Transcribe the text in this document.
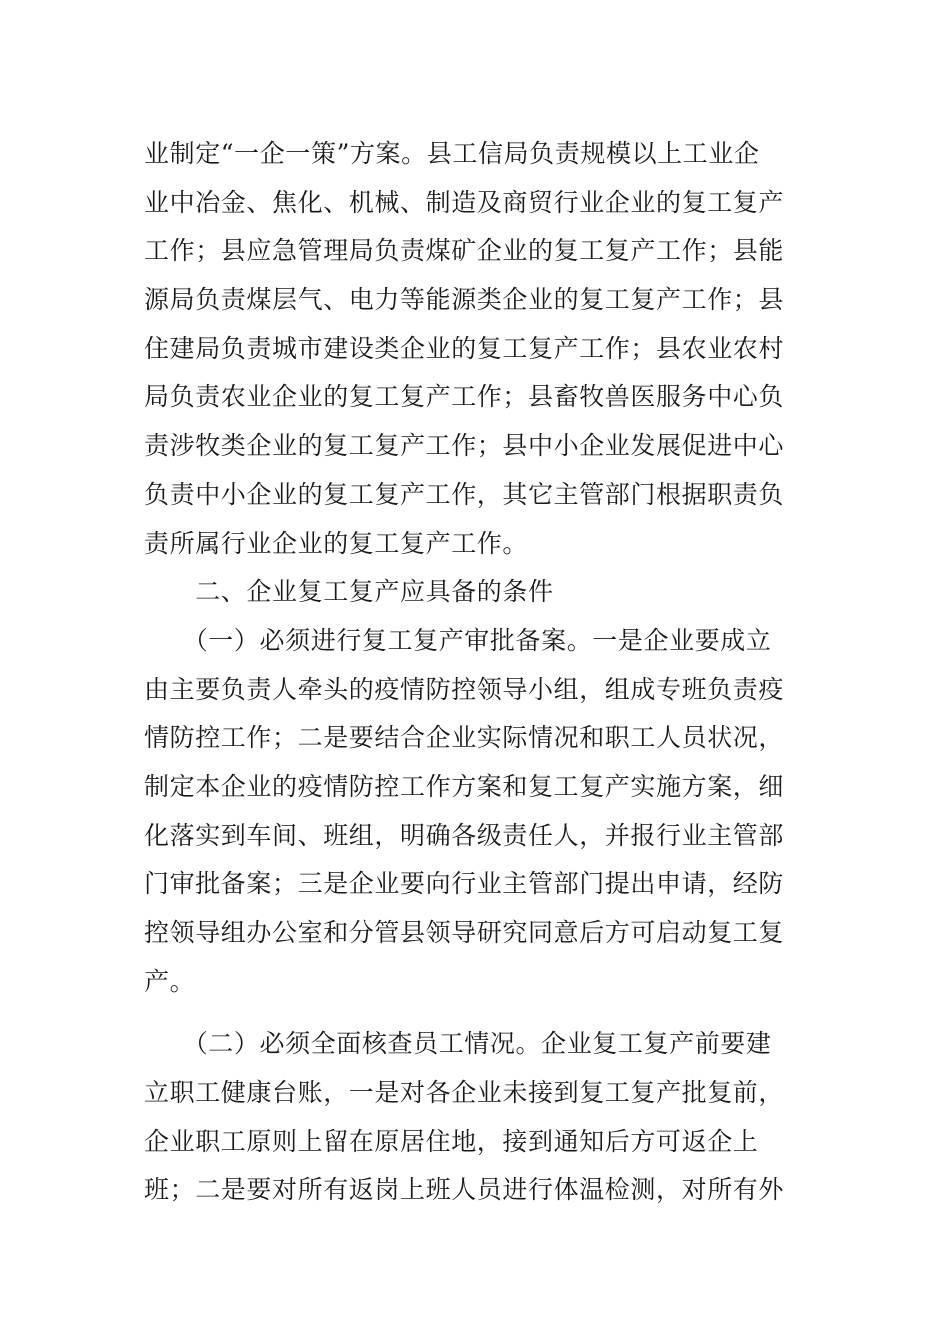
业制定“一企一策”方案。县工信局负责规模以上工业企
业中冶金、焦化、机械、制造及商贸行业企业的复工复产
工作；县应急管理局负责煤矿企业的复工复产工作；县能
源局负责煤层气、电力等能源类企业的复工复产工作；县
住建局负责城市建设类企业的复工复产工作；县农业农村
局负责农业企业的复工复产工作；县畜牧兽医服务中心负
责涉牧类企业的复工复产工作；县中小企业发展促进中心
负责中小企业的复工复产工作，其它主管部门根据职责负
责所属行业企业的复工复产工作。
　　二、企业复工复产应具备的条件
　　（一）必须进行复工复产审批备案。一是企业要成立
由主要负责人牵头的疫情防控领导小组，组成专班负责疫
情防控工作；二是要结合企业实际情况和职工人员状况，
制定本企业的疫情防控工作方案和复工复产实施方案，细
化落实到车间、班组，明确各级责任人，并报行业主管部
门审批备案；三是企业要向行业主管部门提出申请，经防
控领导组办公室和分管县领导研究同意后方可启动复工复
产。
　　（二）必须全面核查员工情况。企业复工复产前要建
立职工健康台账，一是对各企业未接到复工复产批复前，
企业职工原则上留在原居住地，接到通知后方可返企上
班；二是要对所有返岗上班人员进行体温检测，对所有外
